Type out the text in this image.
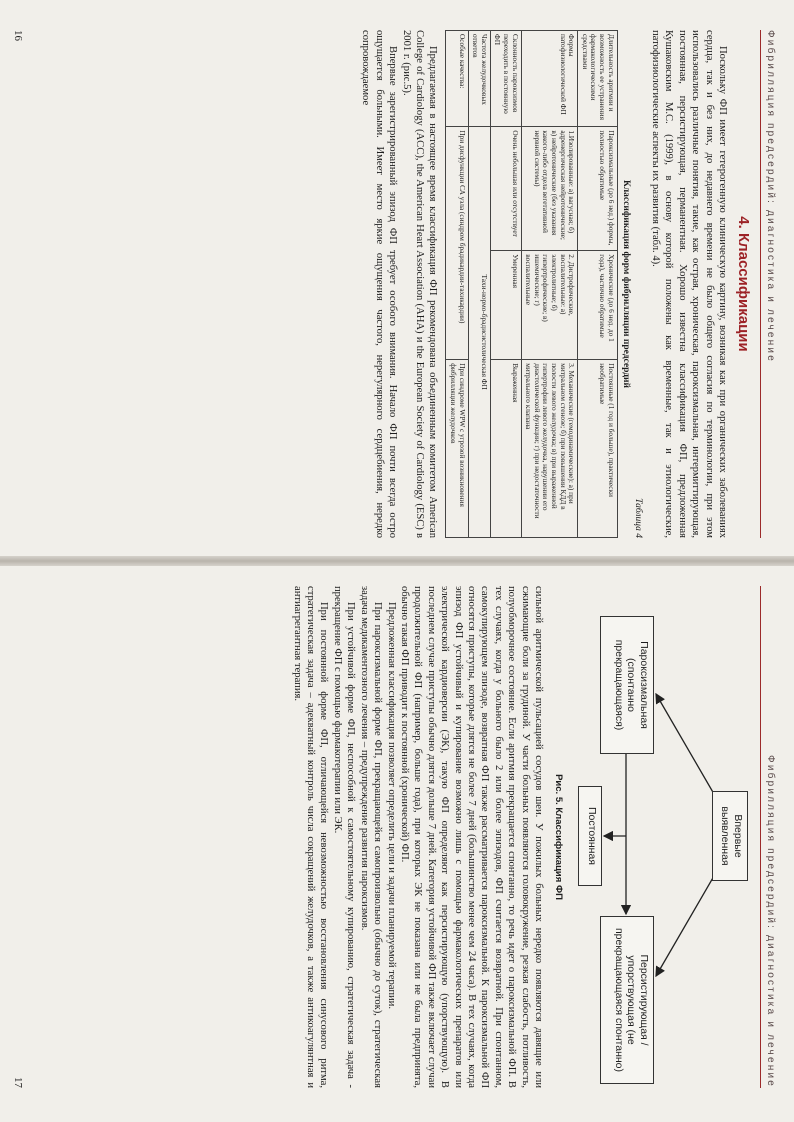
Фибрилляция предсердий: диагностика и лечение
4. Классификации

Поскольку ФП имеет гетерогенную клиническую картину, возникая как при органических заболеваниях сердца, так и без них, до недавнего времени не было общего согласия по терминологии, при этом использовались различные понятия, такие, как острая, хроническая, пароксизмальная, интермиттирующая, постоянная, персистирующая, перманентная. Хорошо известна классификация ФП, предложенная Кушаковским М.С. (1999), в основу которой положены как временные, так и этиологические, патофизиологические аспекты их развития (табл. 4).

Таблица 4
Классификация форм фибрилляции предсердий
Длительность аритмии и возможность ее устранения фармакологическими средствами	Пароксизмальные (до 6 нед.) формы, полностью обратимые	Хронические (до 6 нед. до 1 года), частично обратимые	Постоянные (1 год и больше), практически необратимые
Формы патофизиологической ФП	1.Изолированные: а) вагусная; б) адренергическая нейротонические; в) нейротонические (без указания какого-либо отдела вегетативной нервной системы)	2. Дистрофические, воспалительные: а) электролитные; б) гипертрофические; в) ишемические; г) воспалительные	3. Механические (гемодинамические): а) при митральном стенозе; б) при повышении КДД в полости левого желудочка; в) при выраженной гипертрофии левого желудочка, нарушении его диастолической функции; г) при недостаточности митрального клапана
Склонность пароксизмов переходить в постоянную ФП	Очень небольшая или отсутствует	Умеренная	Выраженная
Частота желудочковых ответов	Тахи-нормо-брадисистолическая ФП		
Особые качества:	При дисфункции СА узла (синдром брадикардии-тахикардии)		При синдроме WPW с угрозой возникновения фибрилляции желудочков

Предлагаемая в настоящее время классификация ФП рекомендована объединенным комитетом American College of Cardiology (ACC), the American Heart Association (AHA) и the European Society of Cardiology (ESC) в 2001 г. (рис.5).

Впервые зарегистрированный эпизод ФП требует особого внимания. Начало ФП почти всегда остро ощущается больными. Имеет место яркие ощущения частого, нерегулярного сердцебиения, нередко сопровождаемое

16
Фибрилляция предсердий: диагностика и лечение
Впервые выявленная
Пароксизмальная (спонтанно прекращающаяся)
Персистирующая /упорствующая (не прекращающаяся спонтанно)
Постоянная
Рис. 5. Классификация ФП

сильной аритмической пульсацией сосудов шеи. У пожилых больных нередко появляются давящие или сжимающие боли за грудиной. У части больных появляются головокружение, резкая слабость, потливость, полуобморочное состояние. Если аритмия прекращается спонтанно, то речь идет о пароксизмальной ФП. В тех случаях, когда у больного было 2 или более эпизодов, ФП считается возвратной. При спонтанном, самокупирующем эпизоде, возвратная ФП также рассматривается пароксизмальной. К пароксизмальной ФП относятся приступы, которые длятся не более 7 дней (большинство менее чем 24 часа). В тех случаях, когда эпизод ФП устойчивый и купирование возможно лишь с помощью фармакологических препаратов или электрической кардиоверсии (ЭК), такую ФП определяют как персистирующую (упорствующую). В последнем случае приступы обычно длятся дольше 7 дней. Категория устойчивой ФП также включает случаи продолжительной ФП (например, больше года), при которых ЭК не показана или не была предпринята, обычно такая ФП приводит к постоянной (хронической) ФП.

Предложенная классификация позволяет определить цели и задачи планируемой терапии.

При пароксизмальной форме ФП, прекращающейся самопроизвольно (обычно до суток), стратегическая задача медикаментозного лечения – предупреждение развития пароксизмов.

При устойчивой форме ФП, неспособной к самостоятельному купированию, стратегическая задача - прекращение ФП с помощью фармакотерапии или ЭК.

При постоянной форме ФП, отличающейся невозможностью восстановления синусового ритма, стратегическая задача – адекватный контроль числа сокращений желудочков, а также антикоагулянтная и антиагрегантная терапия.

17
